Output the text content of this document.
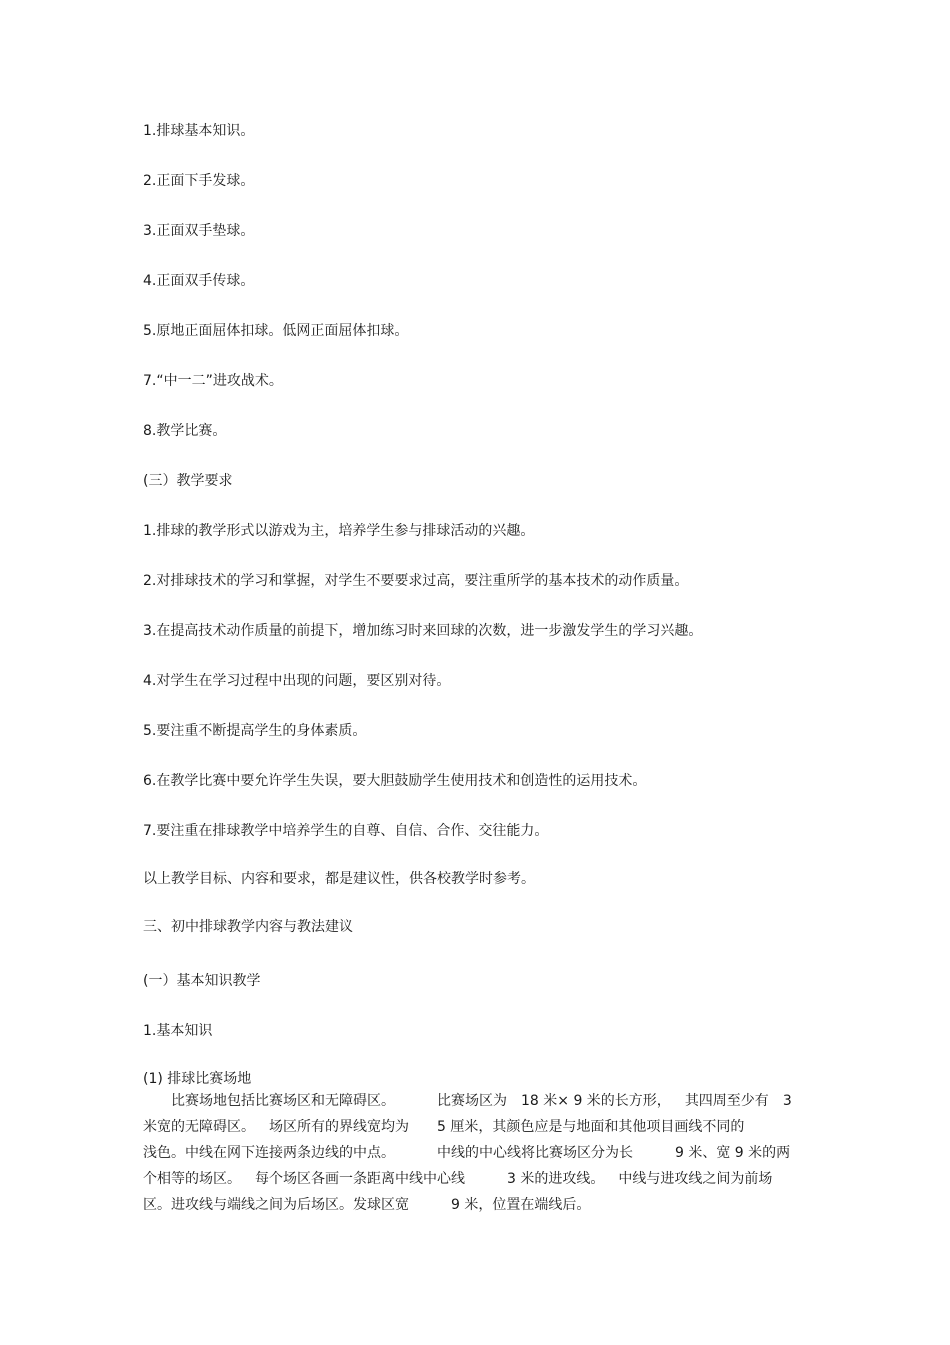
1.排球基本知识。
2.正面下手发球。
3.正面双手垫球。
4.正面双手传球。
5.原地正面屈体扣球。低网正面屈体扣球。
7.“中一二”进攻战术。
8.教学比赛。
(三）教学要求
1.排球的教学形式以游戏为主，培养学生参与排球活动的兴趣。
2.对排球技术的学习和掌握，对学生不要要求过高，要注重所学的基本技术的动作质量。
3.在提高技术动作质量的前提下，增加练习时来回球的次数，进一步激发学生的学习兴趣。
4.对学生在学习过程中出现的问题，要区别对待。
5.要注重不断提高学生的身体素质。
6.在教学比赛中要允许学生失误，要大胆鼓励学生使用技术和创造性的运用技术。
7.要注重在排球教学中培养学生的自尊、自信、合作、交往能力。
以上教学目标、内容和要求，都是建议性，供各校教学时参考。
三、初中排球教学内容与教法建议
(一）基本知识教学
1.基本知识
(1) 排球比赛场地
比赛场地包括比赛场区和无障碍区。	比赛场区为 18 米× 9 米的长方形， 其四周至少有 3
米宽的无障碍区。 场区所有的界线宽均为 5 厘米，其颜色应是与地面和其他项目画线不同的
浅色。中线在网下连接两条边线的中点。	中线的中心线将比赛场区分为长	9 米、宽 9 米的两
个相等的场区。 每个场区各画一条距离中线中心线	3 米的进攻线。 中线与进攻线之间为前场
区。进攻线与端线之间为后场区。发球区宽	9 米，位置在端线后。
